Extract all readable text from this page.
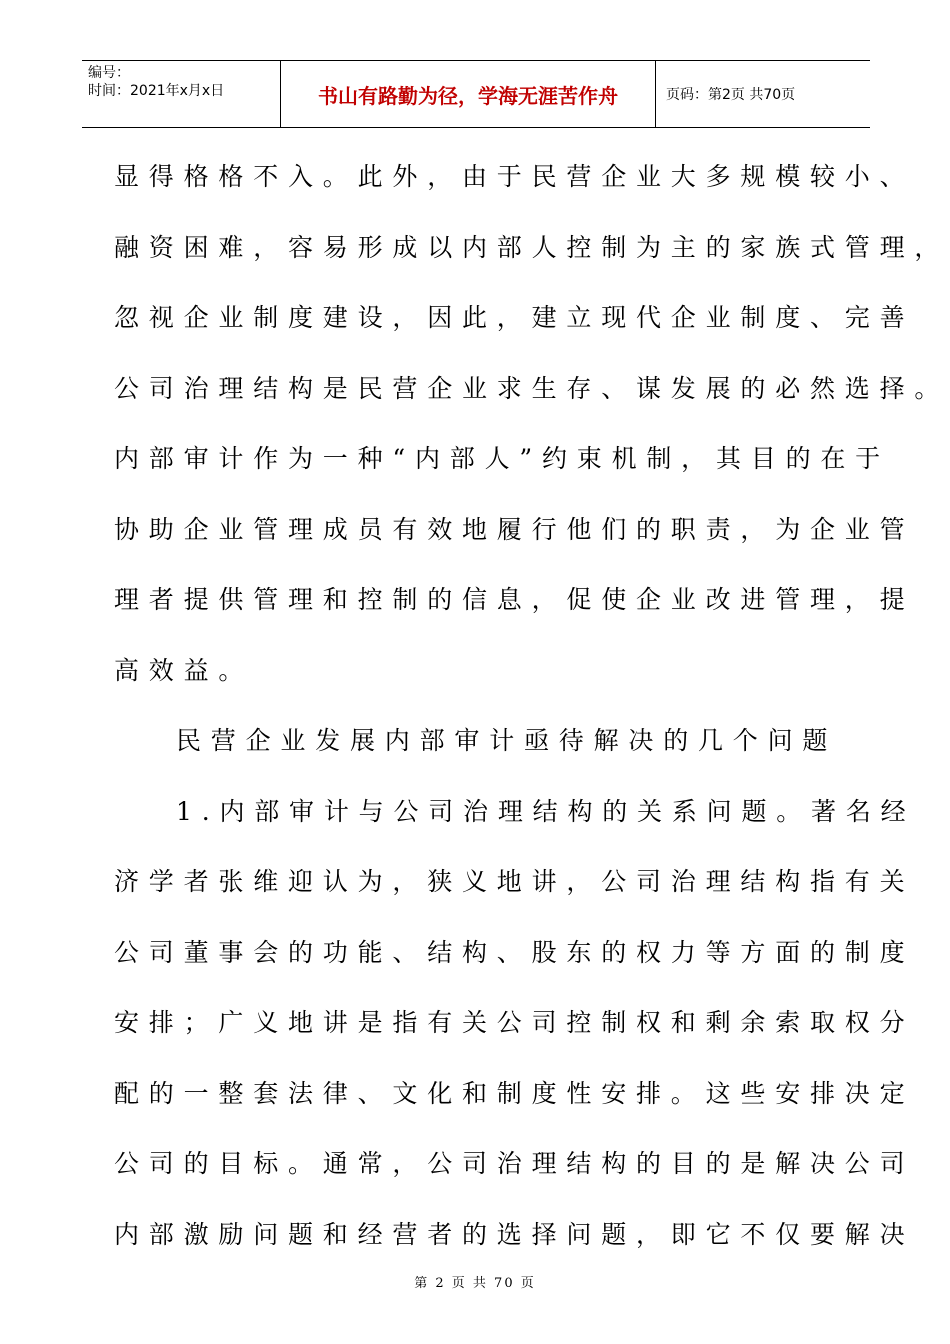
编号：
时间：2021年x月x日	书山有路勤为径，学海无涯苦作舟	页码：第2页 共70页
显得格格不入。此外，由于民营企业大多规模较小、
融资困难，容易形成以内部人控制为主的家族式管理，
忽视企业制度建设，因此，建立现代企业制度、完善
公司治理结构是民营企业求生存、谋发展的必然选择。
内部审计作为一种“内部人”约束机制，其目的在于
协助企业管理成员有效地履行他们的职责，为企业管
理者提供管理和控制的信息，促使企业改进管理，提
高效益。
民营企业发展内部审计亟待解决的几个问题
1.内部审计与公司治理结构的关系问题。著名经
济学者张维迎认为，狭义地讲，公司治理结构指有关
公司董事会的功能、结构、股东的权力等方面的制度
安排；广义地讲是指有关公司控制权和剩余索取权分
配的一整套法律、文化和制度性安排。这些安排决定
公司的目标。通常，公司治理结构的目的是解决公司
内部激励问题和经营者的选择问题，即它不仅要解决
第 2 页 共 70 页
